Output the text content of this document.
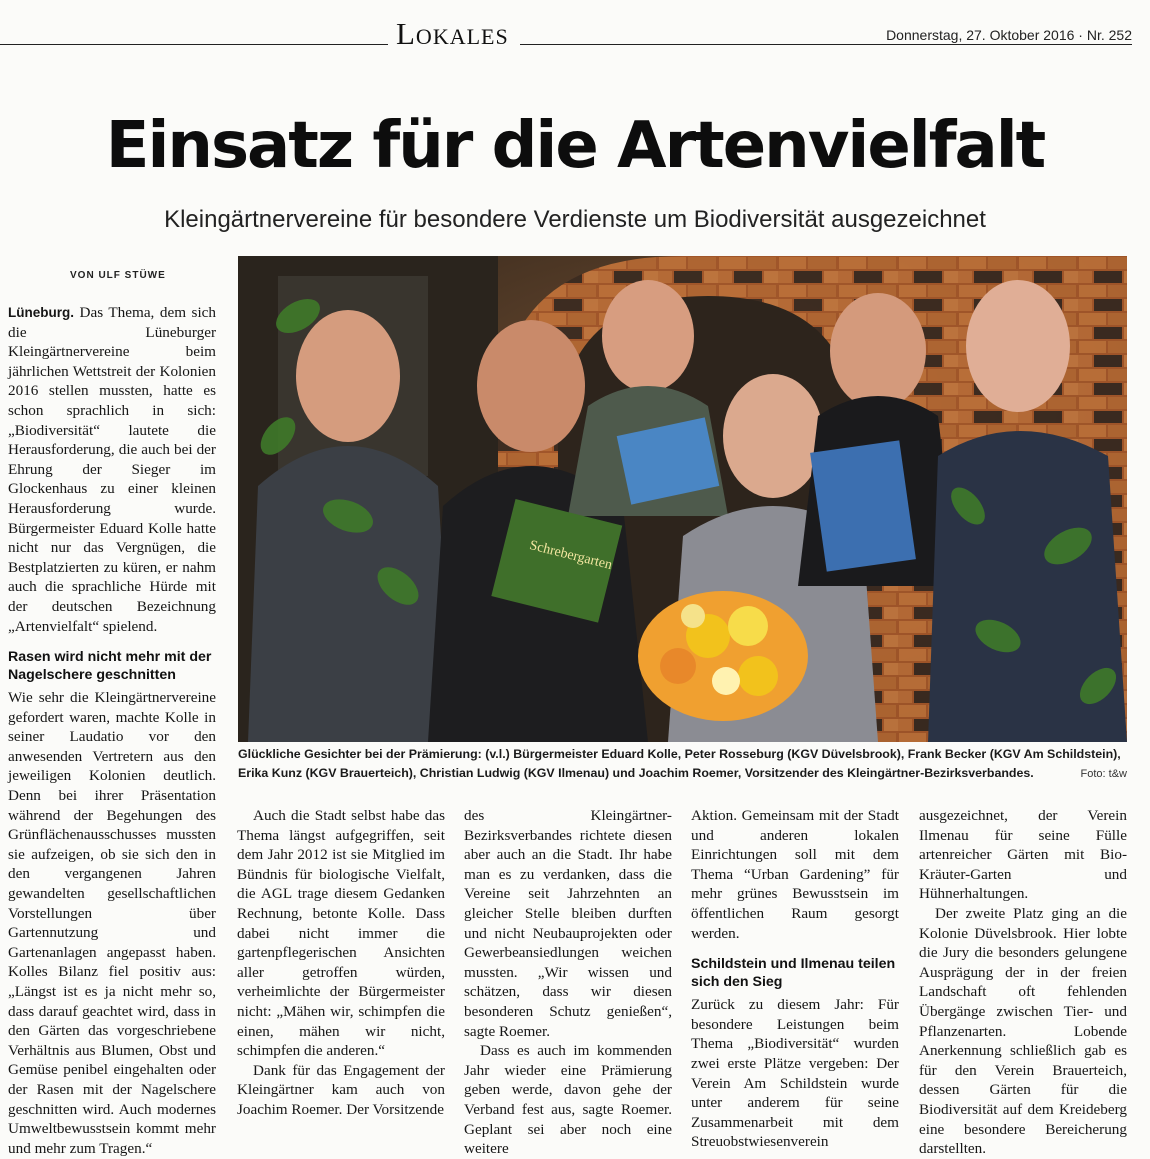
Lokales	Donnerstag, 27. Oktober 2016 · Nr. 252
Einsatz für die Artenvielfalt
Kleingärtnervereine für besondere Verdienste um Biodiversität ausgezeichnet
VON ULF STÜWE

Lüneburg. Das Thema, dem sich die Lüneburger Kleingärtnervereine beim jährlichen Wettstreit der Kolonien 2016 stellen mussten, hatte es schon sprachlich in sich: „Biodiversität“ lautete die Herausforderung, die auch bei der Ehrung der Sieger im Glockenhaus zu einer kleinen Herausforderung wurde. Bürgermeister Eduard Kolle hatte nicht nur das Vergnügen, die Bestplatzierten zu küren, er nahm auch die sprachliche Hürde mit der deutschen Bezeichnung „Artenvielfalt“ spielend.

Rasen wird nicht mehr mit der Nagelschere geschnitten

Wie sehr die Kleingärtnervereine gefordert waren, machte Kolle in seiner Laudatio vor den anwesenden Vertretern aus den jeweiligen Kolonien deutlich. Denn bei ihrer Präsentation während der Begehungen des Grünflächenausschusses mussten sie aufzeigen, ob sie sich den in den vergangenen Jahren gewandelten gesellschaftlichen Vorstellungen über Gartennutzung und Gartenanlagen angepasst haben. Kolles Bilanz fiel positiv aus: „Längst ist es ja nicht mehr so, dass darauf geachtet wird, dass in den Gärten das vorgeschriebene Verhältnis aus Blumen, Obst und Gemüse penibel eingehalten oder der Rasen mit der Nagelschere geschnitten wird. Auch modernes Umweltbewusstsein kommt mehr und mehr zum Tragen.“

Schrebergarten
Glückliche Gesichter bei der Prämierung: (v.l.) Bürgermeister Eduard Kolle, Peter Rosseburg (KGV Düvelsbrook), Frank Becker (KGV Am Schildstein), Erika Kunz (KGV Brauerteich), Christian Ludwig (KGV Ilmenau) und Joachim Roemer, Vorsitzender des Kleingärtner-Bezirksverbandes.	Foto: t&w

Auch die Stadt selbst habe das Thema längst aufgegriffen, seit dem Jahr 2012 ist sie Mitglied im Bündnis für biologische Vielfalt, die AGL trage diesem Gedanken Rechnung, betonte Kolle. Dass dabei nicht immer die gartenpflegerischen Ansichten aller getroffen würden, verheimlichte der Bürgermeister nicht: „Mähen wir, schimpfen die einen, mähen wir nicht, schimpfen die anderen.“

Dank für das Engagement der Kleingärtner kam auch von Joachim Roemer. Der Vorsitzende

des Kleingärtner-Bezirksverbandes richtete diesen aber auch an die Stadt. Ihr habe man es zu verdanken, dass die Vereine seit Jahrzehnten an gleicher Stelle bleiben durften und nicht Neubauprojekten oder Gewerbeansiedlungen weichen mussten. „Wir wissen und schätzen, dass wir diesen besonderen Schutz genießen“, sagte Roemer.

Dass es auch im kommenden Jahr wieder eine Prämierung geben werde, davon gehe der Verband fest aus, sagte Roemer. Geplant sei aber noch eine weitere

Aktion. Gemeinsam mit der Stadt und anderen lokalen Einrichtungen soll mit dem Thema “Urban Gardening” für mehr grünes Bewusstsein im öffentlichen Raum gesorgt werden.

Schildstein und Ilmenau teilen sich den Sieg

Zurück zu diesem Jahr: Für besondere Leistungen beim Thema „Biodiversität“ wurden zwei erste Plätze vergeben: Der Verein Am Schildstein wurde unter anderem für seine Zusammenarbeit mit dem Streuobstwiesenverein

ausgezeichnet, der Verein Ilmenau für seine Fülle artenreicher Gärten mit Bio-Kräuter-Garten und Hühnerhaltungen.

Der zweite Platz ging an die Kolonie Düvelsbrook. Hier lobte die Jury die besonders gelungene Ausprägung der in der freien Landschaft oft fehlenden Übergänge zwischen Tier- und Pflanzenarten. Lobende Anerkennung schließlich gab es für den Verein Brauerteich, dessen Gärten für die Biodiversität auf dem Kreideberg eine besondere Bereicherung darstellten.
